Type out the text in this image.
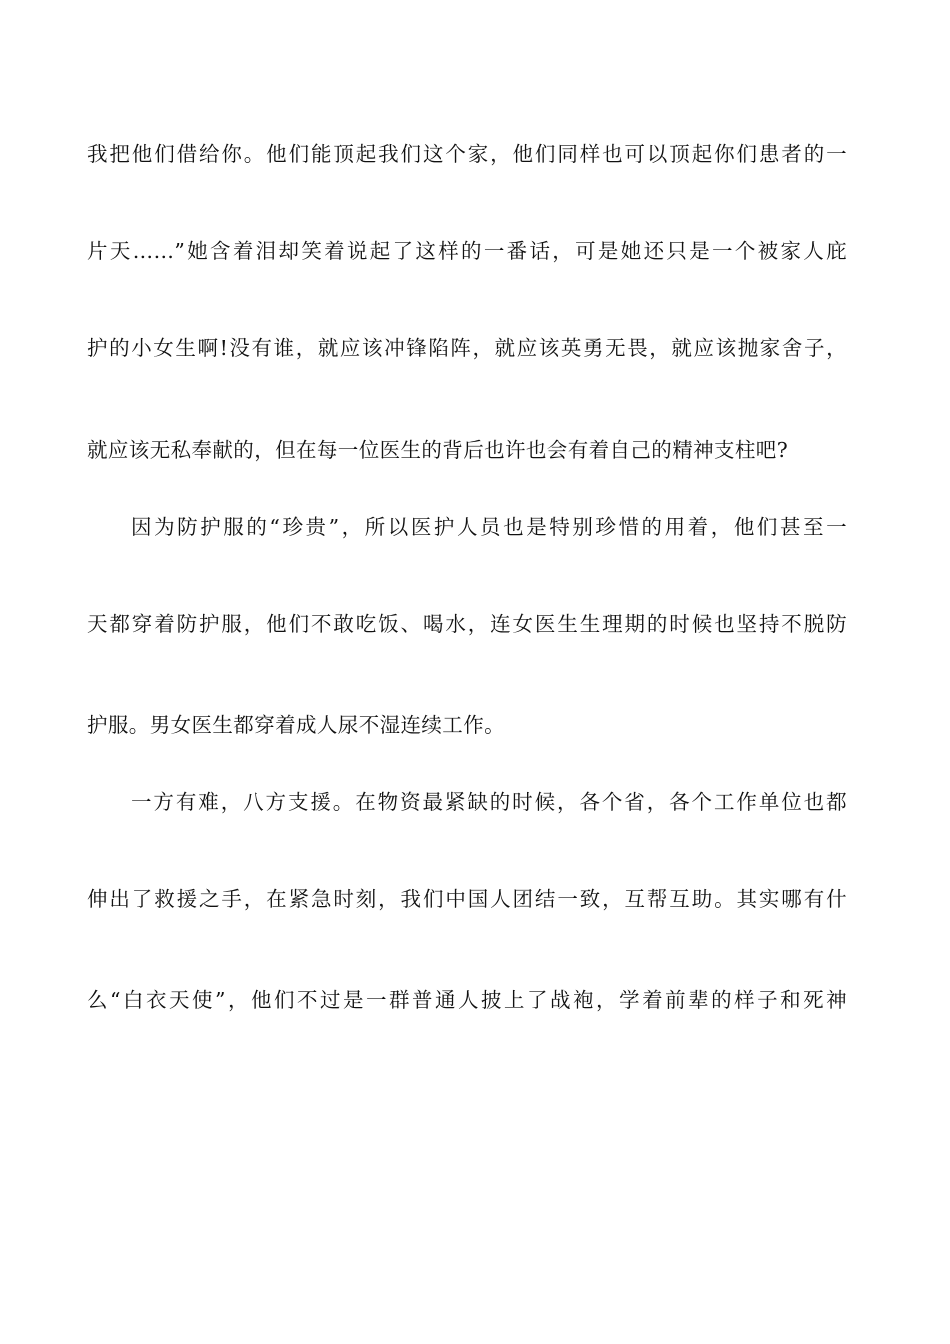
我把他们借给你。他们能顶起我们这个家，他们同样也可以顶起你们患者的一
片天……”她含着泪却笑着说起了这样的一番话，可是她还只是一个被家人庇
护的小女生啊!没有谁，就应该冲锋陷阵，就应该英勇无畏，就应该抛家舍子，
就应该无私奉献的，但在每一位医生的背后也许也会有着自己的精神支柱吧?
因为防护服的“珍贵”，所以医护人员也是特别珍惜的用着，他们甚至一
天都穿着防护服，他们不敢吃饭、喝水，连女医生生理期的时候也坚持不脱防
护服。男女医生都穿着成人尿不湿连续工作。
一方有难，八方支援。在物资最紧缺的时候，各个省，各个工作单位也都
伸出了救援之手，在紧急时刻，我们中国人团结一致，互帮互助。其实哪有什
么“白衣天使”，他们不过是一群普通人披上了战袍，学着前辈的样子和死神
